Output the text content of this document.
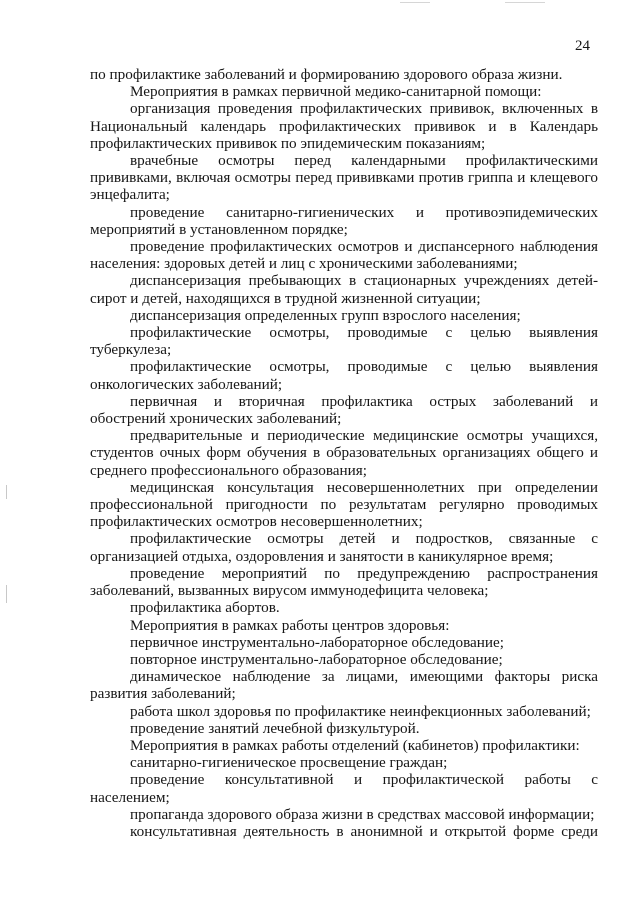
24

по профилактике заболеваний и формированию здорового образа жизни.

Мероприятия в рамках первичной медико-санитарной помощи:

организация проведения профилактических прививок, включенных в Национальный календарь профилактических прививок и в Календарь профилактических прививок по эпидемическим показаниям;

врачебные осмотры перед календарными профилактическими прививками, включая осмотры перед прививками против гриппа и клещевого энцефалита;

проведение санитарно-гигиенических и противоэпидемических мероприятий в установленном порядке;

проведение профилактических осмотров и диспансерного наблюдения населения: здоровых детей и лиц с хроническими заболеваниями;

диспансеризация пребывающих в стационарных учреждениях детей-сирот и детей, находящихся в трудной жизненной ситуации;

диспансеризация определенных групп взрослого населения;

профилактические осмотры, проводимые с целью выявления туберкулеза;

профилактические осмотры, проводимые с целью выявления онкологических заболеваний;

первичная и вторичная профилактика острых заболеваний и обострений хронических заболеваний;

предварительные и периодические медицинские осмотры учащихся, студентов очных форм обучения в образовательных организациях общего и среднего профессионального образования;

медицинская консультация несовершеннолетних при определении профессиональной пригодности по результатам регулярно проводимых профилактических осмотров несовершеннолетних;

профилактические осмотры детей и подростков, связанные с организацией отдыха, оздоровления и занятости в каникулярное время;

проведение мероприятий по предупреждению распространения заболеваний, вызванных вирусом иммунодефицита человека;

профилактика абортов.

Мероприятия в рамках работы центров здоровья:

первичное инструментально-лабораторное обследование;

повторное инструментально-лабораторное обследование;

динамическое наблюдение за лицами, имеющими факторы риска развития заболеваний;

работа школ здоровья по профилактике неинфекционных заболеваний;

проведение занятий лечебной физкультурой.

Мероприятия в рамках работы отделений (кабинетов) профилактики:

санитарно-гигиеническое просвещение граждан;

проведение консультативной и профилактической работы с населением;

пропаганда здорового образа жизни в средствах массовой информации;

консультативная деятельность в анонимной и открытой форме среди
